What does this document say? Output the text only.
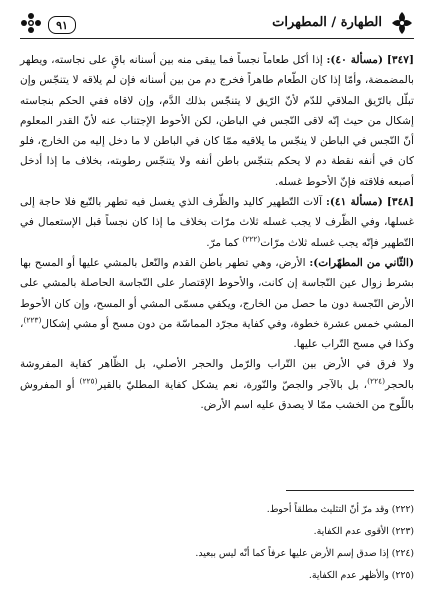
٩١	الطهارة / المطهرات

[٣٤٧] (مسألة ٤٠): إذا أكل طعاماً نجساً فما يبقى منه بين أسنانه باقٍ على نجاسته، ويطهر بالمضمضة، وأمّا إذا كان الطّعام طاهراً فخرج دم من بين أسنانه فإن لم يلاقه لا يتنجّس وإن تبلّل بالرّيق الملاقي للدّم لأنّ الرّيق لا يتنجّس بذلك الدَّم، وإن لاقاه ففي الحكم بنجاسته إشكال من حيث إنّه لاقى النّجس في الباطن، لكن الأحوط الإجتناب عنه لأنّ القدر المعلوم أنّ النّجس في الباطن لا ينجّس ما يلاقيه ممّا كان في الباطن لا ما دخل إليه من الخارج، فلو كان في أنفه نقطة دم لا يحكم بتنجّس باطن أنفه ولا يتنجّس رطوبته، بخلاف ما إذا أدخل أصبعه فلاقته فإنّ الأحوط غسله.

[٣٤٨] (مسألة ٤١): آلات التّطهير كاليد والظّرف الذي يغسل فيه تطهر بالتّبع فلا حاجة إلى غسلها، وفي الظّرف لا يجب غسله ثلاث مرّات بخلاف ما إذا كان نجساً قبل الإستعمال في التّطهير فإنّه يجب غسله ثلاث مرّات$^{(٢٢٢)}$ كما مرّ.

(الثّاني من المطهّرات): الأرض، وهي تطهر باطن القدم والنّعل بالمشي عليها أو المسح بها بشرط زوال عين النّجاسة إن كانت، والأحوط الإقتصار على النّجاسة الحاصلة بالمشي على الأرض النّجسة دون ما حصل من الخارج، ويكفي مسمّى المشي أو المسح، وإن كان الأحوط المشي خمس عشرة خطوة، وفي كفاية مجرّد المماسّة من دون مسح أو مشي إشكال$^{(٢٢٣)}$، وكذا في مسح التّراب عليها.

ولا فرق في الأرض بين التّراب والرّمل والحجر الأصلي، بل الظّاهر كفاية المفروشة بالحجر$^{(٢٢٤)}$، بل بالآجر والجصّ والنّورة، نعم يشكل كفاية المطليّ بالقير$^{(٢٢٥)}$ أو المفروش باللّوح من الخشب ممّا لا يصدق عليه اسم الأرض.

(٢٢٢) وقد مرّ أنّ التثليث مطلقاً أحوط.
(٢٢٣) الأقوى عدم الكفاية.
(٢٢٤) إذا صدق إسم الأرض عليها عرفاً كما أنّه ليس ببعيد.
(٢٢٥) والأظهر عدم الكفاية.
